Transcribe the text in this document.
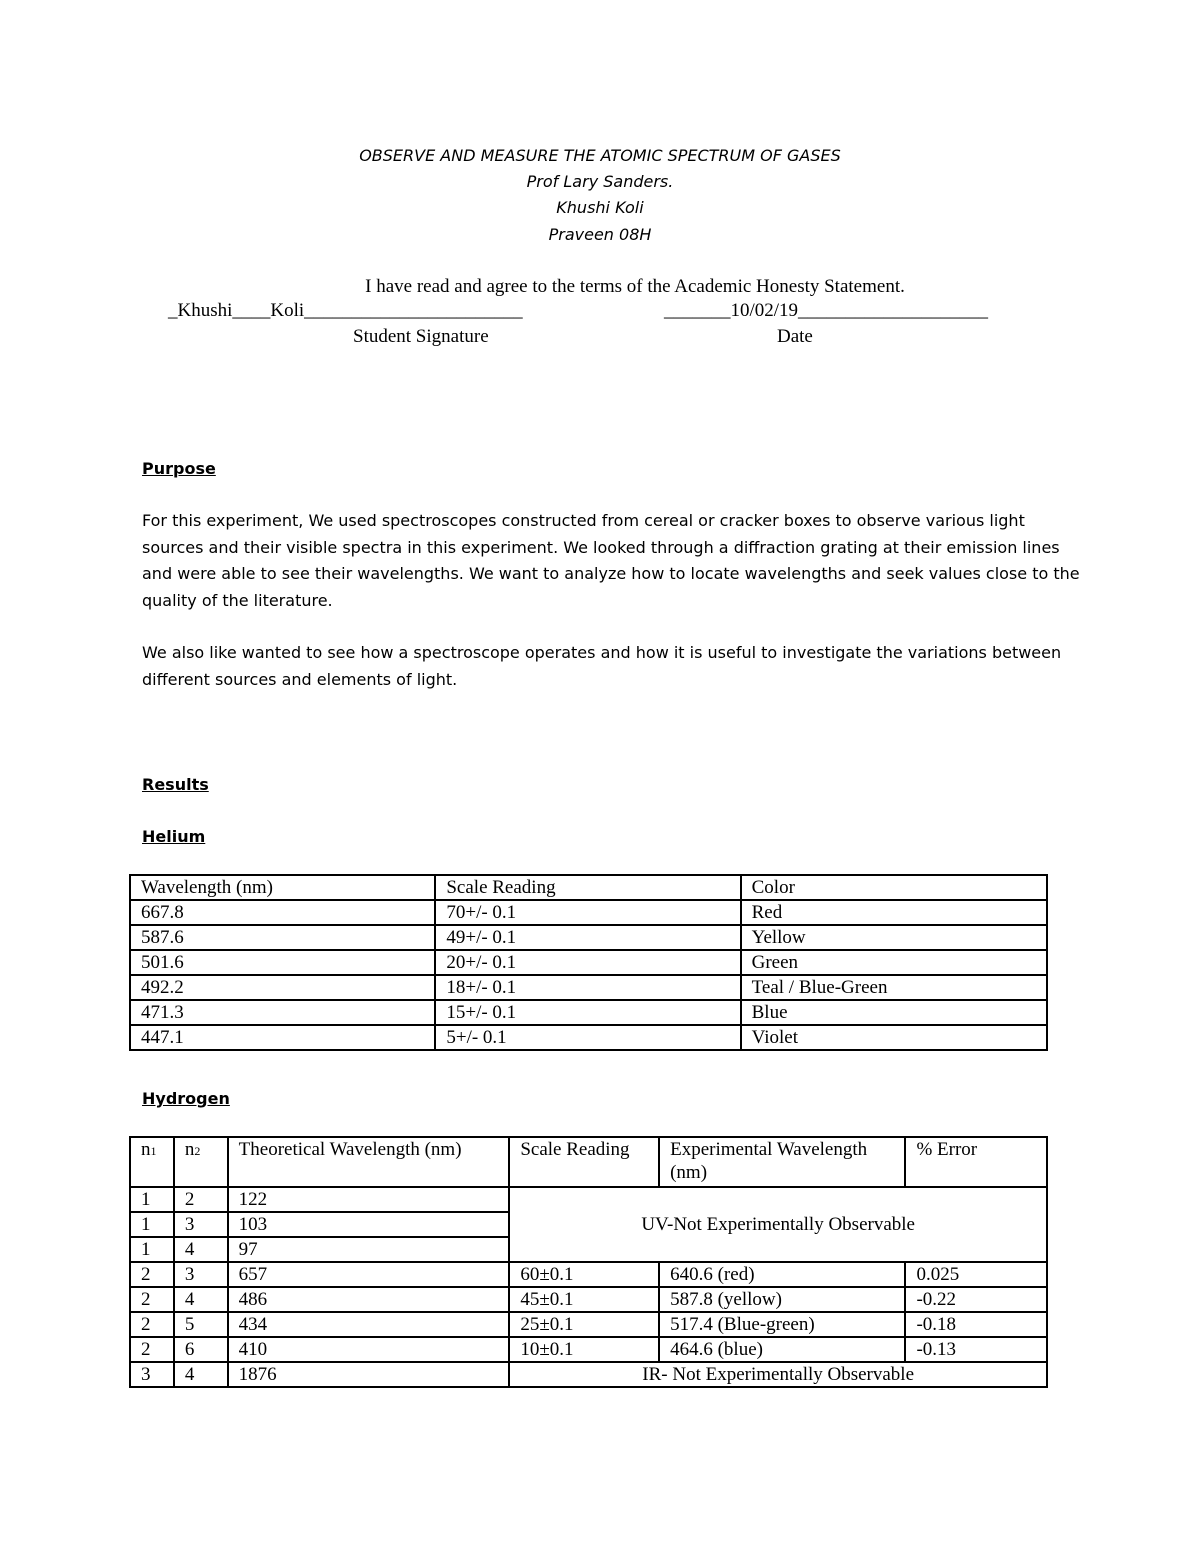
OBSERVE AND MEASURE THE ATOMIC SPECTRUM OF GASES

Prof Lary Sanders.

Khushi Koli

Praveen 08H

I have read and agree to the terms of the Academic Honesty Statement.

_Khushi____Koli_______________________	_______10/02/19____________________

Student Signature	Date

Purpose

For this experiment, We used spectroscopes constructed from cereal or cracker boxes to observe various light sources and their visible spectra in this experiment. We looked through a diffraction grating at their emission lines and were able to see their wavelengths. We want to analyze how to locate wavelengths and seek values close to the quality of the literature.

We also like wanted to see how a spectroscope operates and how it is useful to investigate the variations between different sources and elements of light.

Results

Helium

Wavelength (nm)	Scale Reading	Color
667.8	70+/- 0.1	Red
587.6	49+/- 0.1	Yellow
501.6	20+/- 0.1	Green
492.2	18+/- 0.1	Teal / Blue-Green
471.3	15+/- 0.1	Blue
447.1	5+/- 0.1	Violet

Hydrogen

n1	n2	Theoretical Wavelength (nm)	Scale Reading	Experimental Wavelength (nm)	% Error
1	2	122	UV-Not Experimentally Observable		
1	3	103			
1	4	97			
2	3	657	60±0.1	640.6 (red)	0.025
2	4	486	45±0.1	587.8 (yellow)	-0.22
2	5	434	25±0.1	517.4 (Blue-green)	-0.18
2	6	410	10±0.1	464.6 (blue)	-0.13
3	4	1876	IR- Not Experimentally Observable		
